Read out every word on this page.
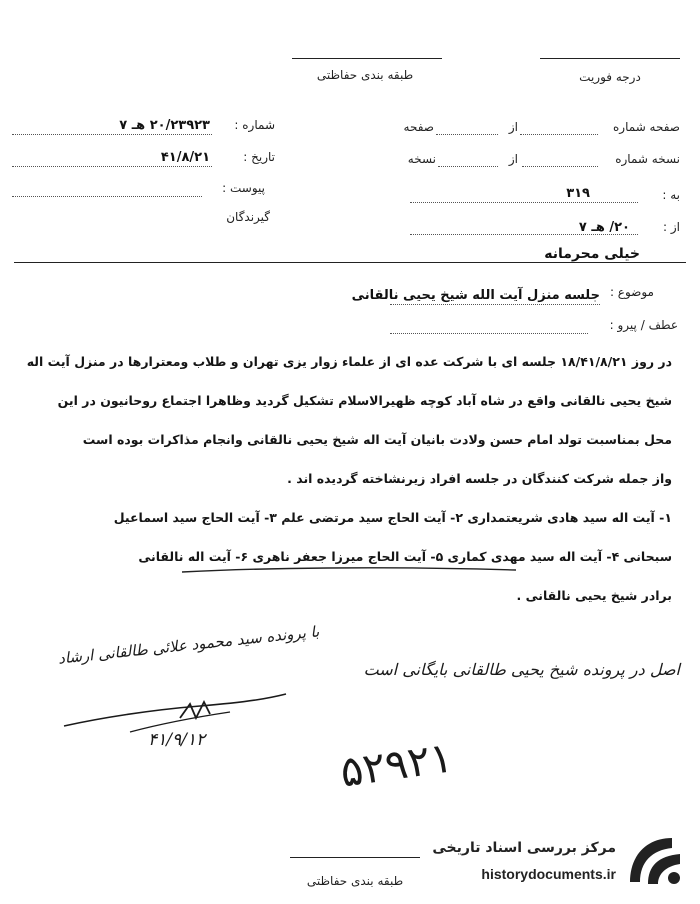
طبقه بندی حفاظتی	درجه فوریت
شماره :
۲۰/۲۳۹۲۳ هـ ۷
تاریخ :
۴۱/۸/۲۱
پیوست :
گیرندگان
صفحه شماره
از
صفحه
نسخه شماره
از
نسخه
به :
۳۱۹
از :
۲۰/ هـ ۷
خیلی محرمانه
موضوع :
جلسه منزل آیت الله شیخ یحیی نالقانی
عطف / پیرو :
در روز ۱۸/۴۱/۸/۲۱ جلسه ای با شرکت عده ای از علماء زوار یزی تهران و طلاب ومعترارها در منزل آیت اله
شیخ یحیی نالقانی واقع در شاه آباد کوچه ظهیرالاسلام تشکیل گردید وظاهرا اجتماع روحانیون در این
محل بمناسبت تولد امام حسن ولادت بانیان آیت اله شیخ یحیی نالقانی وانجام مذاکرات بوده است
واز جمله شرکت کنندگان در جلسه افراد زیرنشاخته گردیده اند .
۱- آیت اله سید هادی شریعتمداری ۲- آیت الحاج سید مرتضی علم ۳- آیت الحاج سید اسماعیل
سبحانی ۴- آیت اله سید مهدی کماری ۵- آیت الحاج میرزا جعفر ناهری ۶- آیت اله نالقانی
برادر شیخ یحیی نالقانی .
اصل در پرونده شیخ یحیی طالقانی بایگانی است
با پرونده سید محمود علائی طالقانی ارشاد
۴۱/۹/۱۲	۵۲۹۲۱
طبقه بندی حفاظتی
مرکز بررسی اسناد تاریخی
historydocuments.ir
